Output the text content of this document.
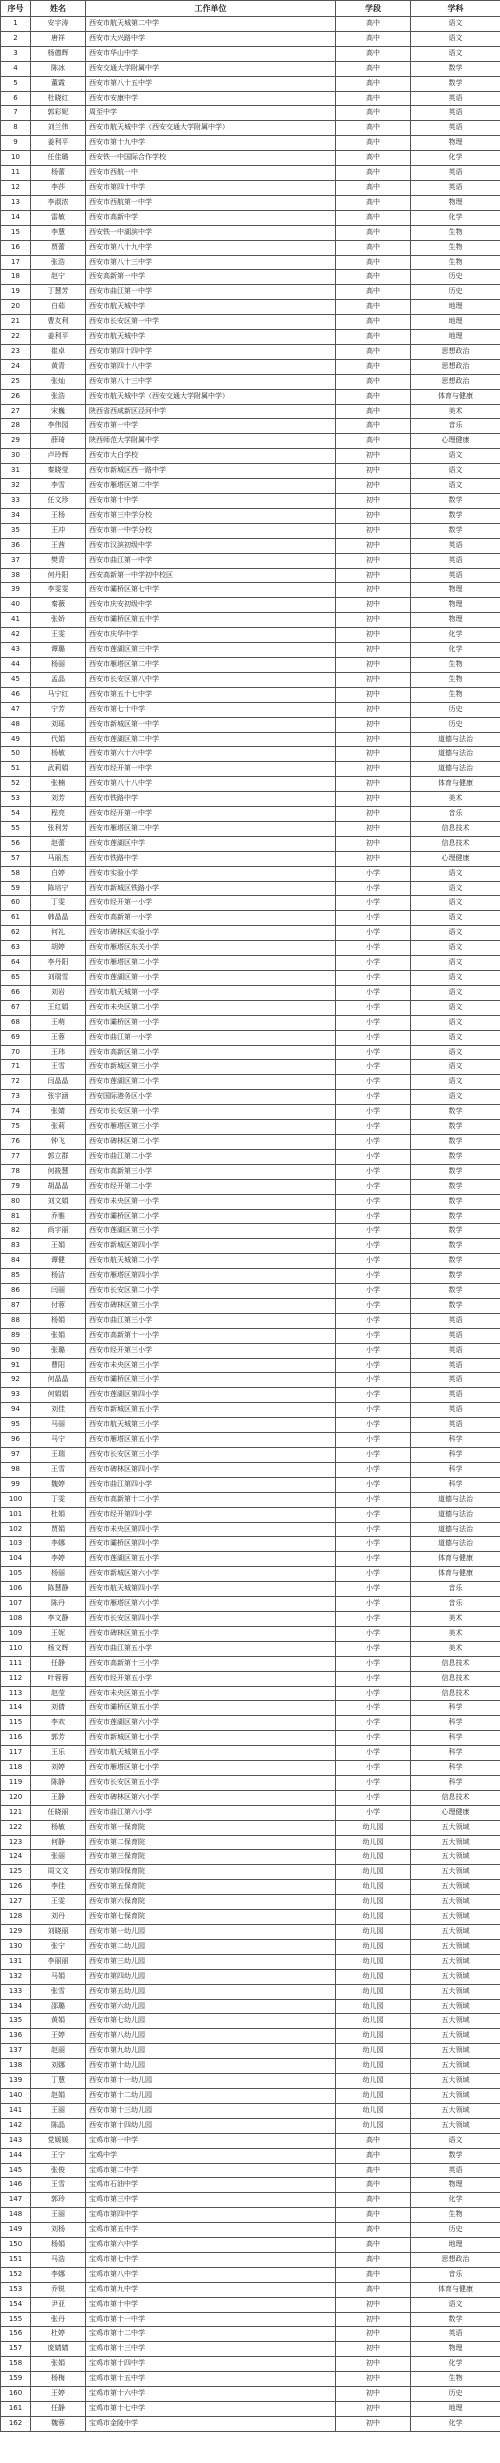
序号	姓名	工作单位	学段	学科
1	安宇涛	西安市航天城第二中学	高中	语文
2	唐祥	西安市大兴路中学	高中	语文
3	杨德辉	西安市华山中学	高中	语文
4	陈冰	西安交通大学附属中学	高中	数学
5	董霞	西安市第八十五中学	高中	数学
6	杜晓红	西安市安康中学	高中	英语
7	郭彩妮	周至中学	高中	英语
8	刘兰伟	西安市航天城中学（西安交通大学附属中学）	高中	英语
9	姜利平	西安市第十九中学	高中	物理
10	任佳璐	西安铁一中国际合作学校	高中	化学
11	杨蕾	西安市西航一中	高中	英语
12	李莎	西安市第四十中学	高中	英语
13	李淑浓	西安市西航第一中学	高中	物理
14	雷敏	西安市高新中学	高中	化学
15	李慧	西安铁一中湖滨中学	高中	生物
16	贾蕾	西安市第八十九中学	高中	生物
17	张浩	西安市第八十三中学	高中	生物
18	赵宁	西安高新第一中学	高中	历史
19	丁慧芳	西安市曲江第一中学	高中	历史
20	白茹	西安市航天城中学	高中	地理
21	曹友利	西安市长安区第一中学	高中	地理
22	姜利平	西安市航天城中学	高中	地理
23	崔卓	西安市第四十四中学	高中	思想政治
24	黄青	西安市第四十八中学	高中	思想政治
25	张灿	西安市第八十三中学	高中	思想政治
26	张浩	西安市航天城中学（西安交通大学附属中学）	高中	体育与健康
27	宋巍	陕西省西咸新区泾河中学	高中	美术
28	李伟园	西安市第一中学	高中	音乐
29	薛琦	陕西师范大学附属中学	高中	心理健康
30	卢玲辉	西安市大白学校	初中	语文
31	秦晓莹	西安市新城区西一路中学	初中	语文
32	李雪	西安市雁塔区第二中学	初中	语文
33	任文珍	西安市第十中学	初中	数学
34	王杨	西安市第三中学分校	初中	数学
35	王冲	西安市第一中学分校	初中	数学
36	王茜	西安市汉滨初级中学	初中	英语
37	樊青	西安市曲江第一中学	初中	英语
38	何丹阳	西安高新第一中学初中校区	初中	英语
39	李雯雯	西安市灞桥区第七中学	初中	物理
40	秦薇	西安市庆安初级中学	初中	物理
41	张娇	西安市灞桥区第五中学	初中	物理
42	王雯	西安市庆华中学	初中	化学
43	谭璐	西安市莲湖区第三中学	初中	化学
44	杨丽	西安市雁塔区第二中学	初中	生物
45	孟晶	西安市长安区第八中学	初中	生物
46	马宁红	西安市第五十七中学	初中	生物
47	宁芳	西安市第七十中学	初中	历史
48	刘瑶	西安市新城区第一中学	初中	历史
49	代娟	西安市莲湖区第二中学	初中	道德与法治
50	杨敏	西安市第六十六中学	初中	道德与法治
51	武莉娟	西安市经开第一中学	初中	道德与法治
52	张楠	西安市第八十八中学	初中	体育与健康
53	刘芳	西安市铁路中学	初中	美术
54	程亮	西安市经开第一中学	初中	音乐
55	张利芳	西安市雁塔区第二中学	初中	信息技术
56	赵蕾	西安市莲湖区中学	初中	信息技术
57	马丽杰	西安市铁路中学	初中	心理健康
58	白婷	西安市实验小学	小学	语文
59	陈培宁	西安市新城区铁路小学	小学	语文
60	丁雯	西安市经开第一小学	小学	语文
61	韩晶晶	西安市高新第一小学	小学	语文
62	何礼	西安市碑林区实验小学	小学	语文
63	胡婷	西安市雁塔区东关小学	小学	语文
64	李丹阳	西安市雁塔区第二小学	小学	语文
65	刘瑞雪	西安市莲湖区第一小学	小学	语文
66	刘岩	西安市航天城第一小学	小学	语文
67	王红娟	西安市未央区第二小学	小学	语文
68	王萌	西安市灞桥区第一小学	小学	语文
69	王蓉	西安市曲江第一小学	小学	语文
70	王玮	西安市高新区第二小学	小学	语文
71	王雪	西安市新城区第三小学	小学	语文
72	闫晶晶	西安市莲湖区第二小学	小学	语文
73	张宇涵	西安国际港务区小学	小学	语文
74	张婧	西安市长安区第一小学	小学	数学
75	张莉	西安市雁塔区第三小学	小学	数学
76	钟飞	西安市碑林区第二小学	小学	数学
77	郭立群	西安市曲江第二小学	小学	数学
78	何筱慧	西安市高新第三小学	小学	数学
79	胡晶晶	西安市经开第二小学	小学	数学
80	刘文娟	西安市未央区第一小学	小学	数学
81	乔雅	西安市灞桥区第二小学	小学	数学
82	尚宇丽	西安市莲湖区第三小学	小学	数学
83	王娟	西安市新城区第四小学	小学	数学
84	谭健	西安市航天城第二小学	小学	数学
85	杨洁	西安市雁塔区第四小学	小学	数学
86	闫丽	西安市长安区第二小学	小学	数学
87	付蓉	西安市碑林区第三小学	小学	数学
88	杨娟	西安市曲江第三小学	小学	英语
89	张娟	西安市高新第十一小学	小学	英语
90	张璐	西安市经开第三小学	小学	英语
91	曹阳	西安市未央区第三小学	小学	英语
92	何晶晶	西安市灞桥区第三小学	小学	英语
93	何娟娟	西安市莲湖区第四小学	小学	英语
94	刘佳	西安市新城区第五小学	小学	英语
95	马丽	西安市航天城第三小学	小学	英语
96	马宁	西安市雁塔区第五小学	小学	科学
97	王瑞	西安市长安区第三小学	小学	科学
98	王雪	西安市碑林区第四小学	小学	科学
99	魏婷	西安市曲江第四小学	小学	科学
100	丁雯	西安市高新第十二小学	小学	道德与法治
101	杜娟	西安市经开第四小学	小学	道德与法治
102	贾娟	西安市未央区第四小学	小学	道德与法治
103	李娜	西安市灞桥区第四小学	小学	道德与法治
104	李婷	西安市莲湖区第五小学	小学	体育与健康
105	杨丽	西安市新城区第六小学	小学	体育与健康
106	陈慧静	西安市航天城第四小学	小学	音乐
107	陈丹	西安市雁塔区第六小学	小学	音乐
108	李文静	西安市长安区第四小学	小学	美术
109	王妮	西安市碑林区第五小学	小学	美术
110	杨文辉	西安市曲江第五小学	小学	美术
111	任静	西安市高新第十三小学	小学	信息技术
112	叶蓉蓉	西安市经开第五小学	小学	信息技术
113	赵莹	西安市未央区第五小学	小学	信息技术
114	刘倩	西安市灞桥区第五小学	小学	科学
115	李欢	西安市莲湖区第六小学	小学	科学
116	郭芳	西安市新城区第七小学	小学	科学
117	王乐	西安市航天城第五小学	小学	科学
118	刘婷	西安市雁塔区第七小学	小学	科学
119	陈静	西安市长安区第五小学	小学	科学
120	王静	西安市碑林区第六小学	小学	信息技术
121	任晓丽	西安市曲江第六小学	小学	心理健康
122	杨敏	西安市第一保育院	幼儿园	五大领域
123	何静	西安市第二保育院	幼儿园	五大领域
124	张丽	西安市第三保育院	幼儿园	五大领域
125	周文文	西安市第四保育院	幼儿园	五大领域
126	李佳	西安市第五保育院	幼儿园	五大领域
127	王雯	西安市第六保育院	幼儿园	五大领域
128	刘丹	西安市第七保育院	幼儿园	五大领域
129	刘晓丽	西安市第一幼儿园	幼儿园	五大领域
130	张宁	西安市第二幼儿园	幼儿园	五大领域
131	李丽丽	西安市第三幼儿园	幼儿园	五大领域
132	马娟	西安市第四幼儿园	幼儿园	五大领域
133	张雪	西安市第五幼儿园	幼儿园	五大领域
134	邵璐	西安市第六幼儿园	幼儿园	五大领域
135	黄娟	西安市第七幼儿园	幼儿园	五大领域
136	王婷	西安市第八幼儿园	幼儿园	五大领域
137	赵丽	西安市第九幼儿园	幼儿园	五大领域
138	刘娜	西安市第十幼儿园	幼儿园	五大领域
139	丁慧	西安市第十一幼儿园	幼儿园	五大领域
140	赵娟	西安市第十二幼儿园	幼儿园	五大领域
141	王丽	西安市第十三幼儿园	幼儿园	五大领域
142	陈晶	西安市第十四幼儿园	幼儿园	五大领域
143	党媛媛	宝鸡市第一中学	高中	语文
144	王宁	宝鸡中学	高中	数学
145	张俊	宝鸡市第二中学	高中	英语
146	王雪	宝鸡市石油中学	高中	物理
147	郭玲	宝鸡市第三中学	高中	化学
148	王丽	宝鸡市第四中学	高中	生物
149	刘杨	宝鸡市第五中学	高中	历史
150	杨娟	宝鸡市第六中学	高中	地理
151	马浩	宝鸡市第七中学	高中	思想政治
152	李娜	宝鸡市第八中学	高中	音乐
153	乔锐	宝鸡市第九中学	高中	体育与健康
154	尹亚	宝鸡市第十中学	初中	语文
155	张丹	宝鸡市第十一中学	初中	数学
156	杜婷	宝鸡市第十二中学	初中	英语
157	庞婧婧	宝鸡市第十三中学	初中	物理
158	张娟	宝鸡市第十四中学	初中	化学
159	杨梅	宝鸡市第十五中学	初中	生物
160	王婷	宝鸡市第十六中学	初中	历史
161	任静	宝鸡市第十七中学	初中	地理
162	魏蓉	宝鸡市金陵中学	初中	化学
